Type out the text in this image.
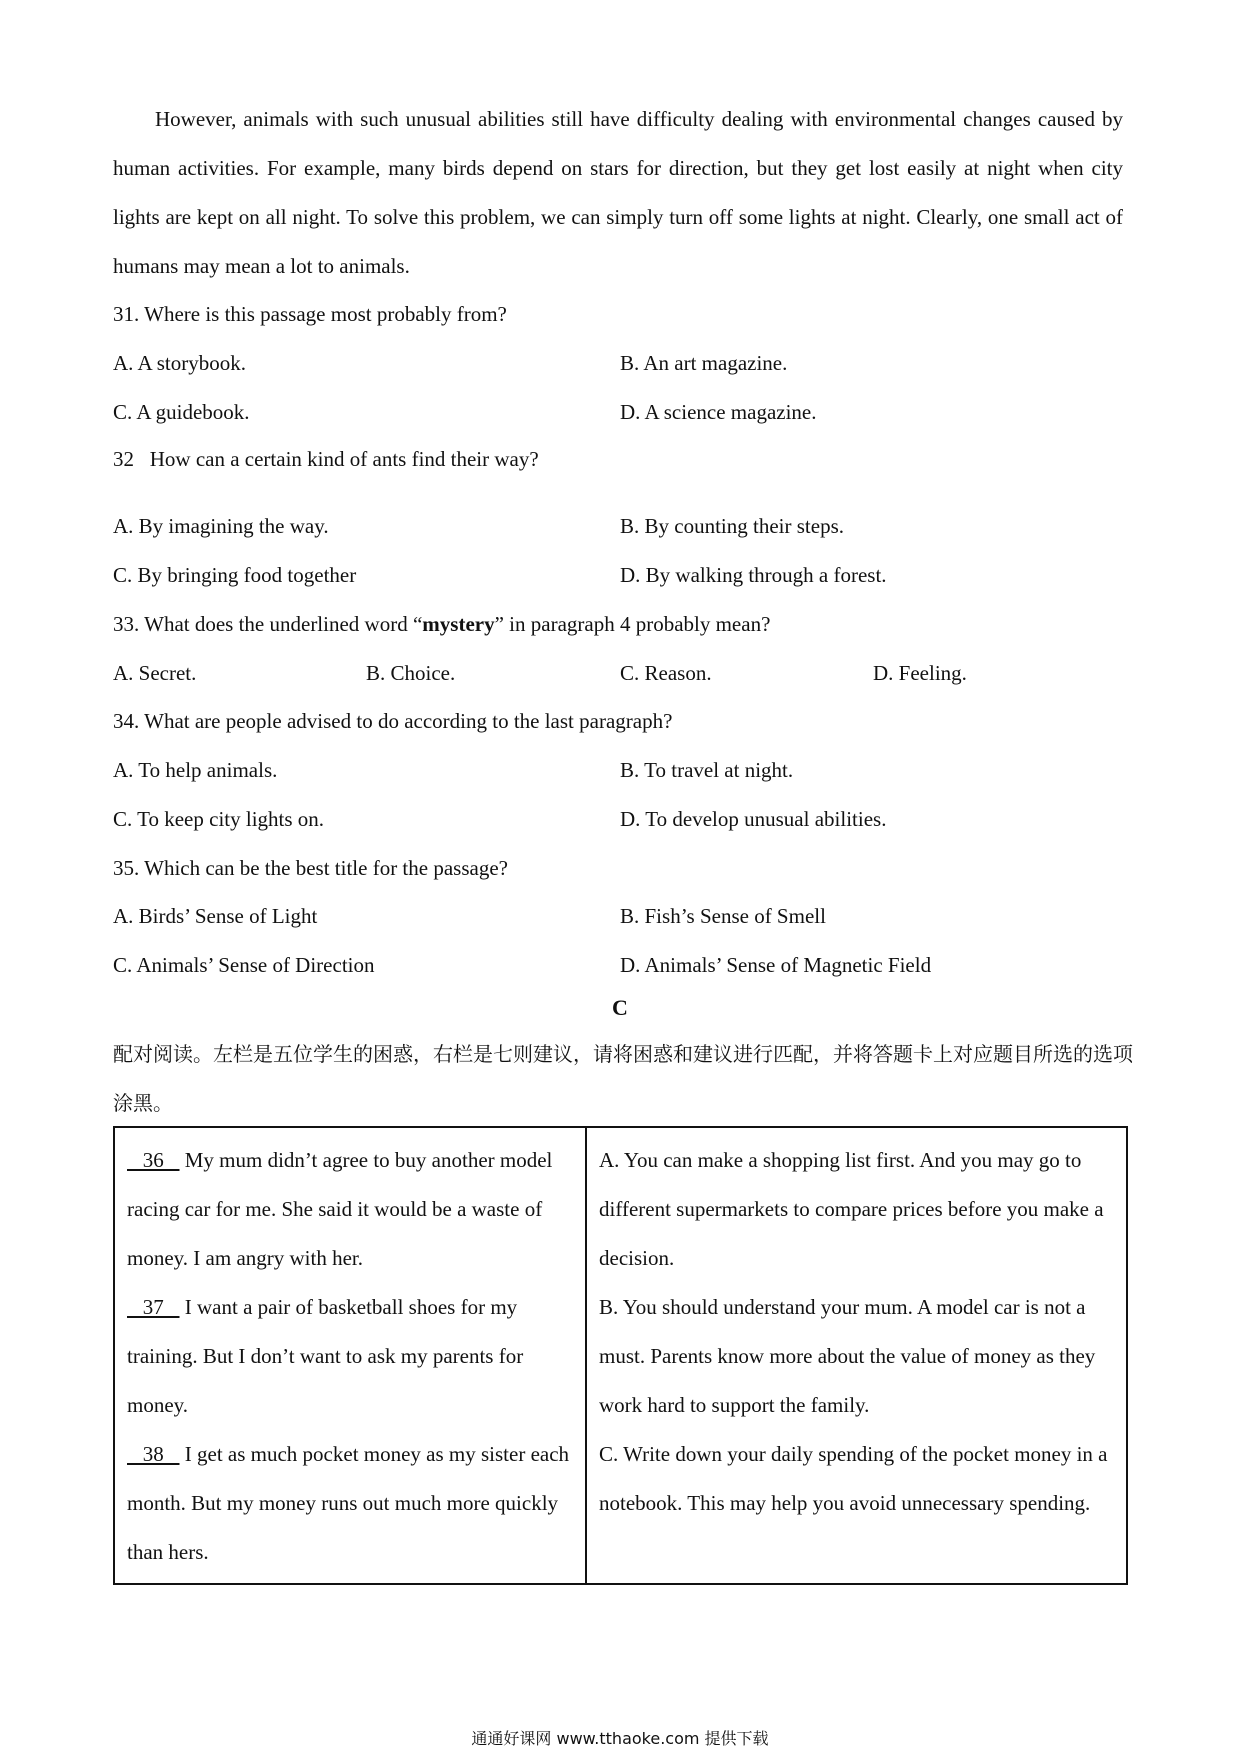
However, animals with such unusual abilities still have difficulty dealing with environmental changes caused by human activities. For example, many birds depend on stars for direction, but they get lost easily at night when city lights are kept on all night. To solve this problem, we can simply turn off some lights at night. Clearly, one small act of humans may mean a lot to animals.
31. Where is this passage most probably from?
A. A storybook.	B. An art magazine.
C. A guidebook.	D. A science magazine.
32   How can a certain kind of ants find their way?
A. By imagining the way.	B. By counting their steps.
C. By bringing food together	D. By walking through a forest.
33. What does the underlined word “mystery” in paragraph 4 probably mean?
A. Secret.	B. Choice.	C. Reason.	D. Feeling.
34. What are people advised to do according to the last paragraph?
A. To help animals.	B. To travel at night.
C. To keep city lights on.	D. To develop unusual abilities.
35. Which can be the best title for the passage?
A. Birds’ Sense of Light	B. Fish’s Sense of Smell
C. Animals’ Sense of Direction	D. Animals’ Sense of Magnetic Field
C
配对阅读。左栏是五位学生的困惑，右栏是七则建议，请将困惑和建议进行匹配，并将答题卡上对应题目所选的选项涂黑。
36    My mum didn’t agree to buy another model racing car for me. She said it would be a waste of money. I am angry with her.
37    I want a pair of basketball shoes for my training. But I don’t want to ask my parents for money.
38    I get as much pocket money as my sister each month. But my money runs out much more quickly than hers.

A. You can make a shopping list first. And you may go to different supermarkets to compare prices before you make a decision.
B. You should understand your mum. A model car is not a must. Parents know more about the value of money as they work hard to support the family.
C. Write down your daily spending of the pocket money in a notebook. This may help you avoid unnecessary spending.
通通好课网 www.tthaoke.com 提供下载
